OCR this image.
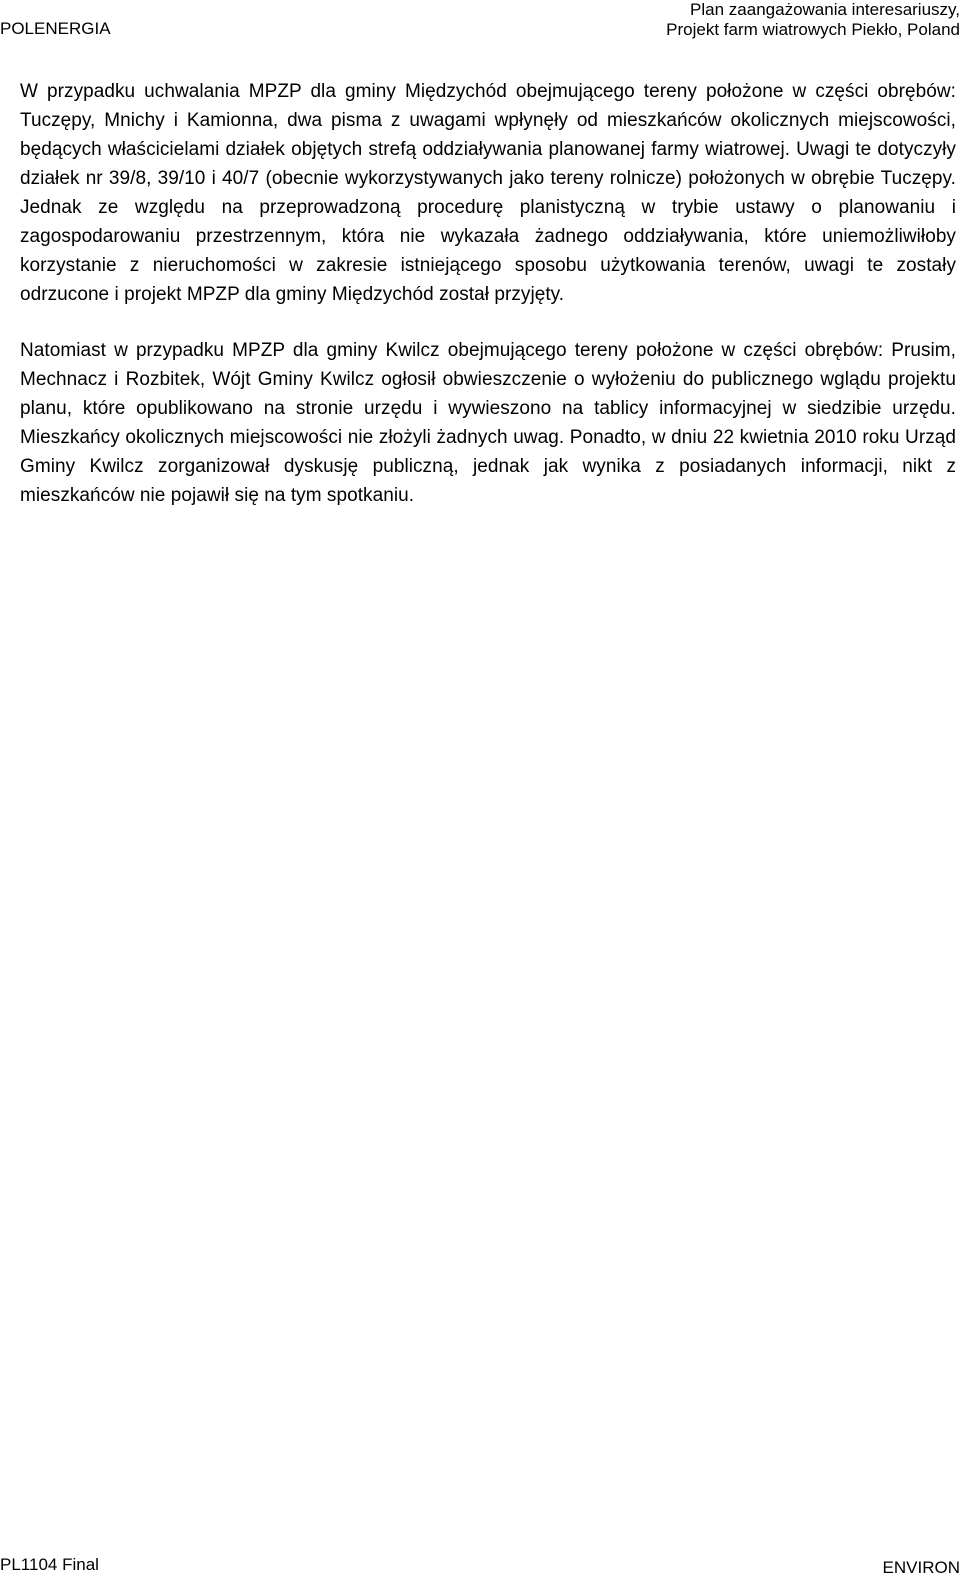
POLENERGIA
Plan zaangażowania interesariuszy,
Projekt farm wiatrowych Piekło, Poland

W przypadku uchwalania MPZP dla gminy Międzychód obejmującego tereny położone w części obrębów: Tuczępy, Mnichy i Kamionna, dwa pisma z uwagami wpłynęły od mieszkańców okolicznych miejscowości, będących właścicielami działek objętych strefą oddziaływania planowanej farmy wiatrowej. Uwagi te dotyczyły działek nr 39/8, 39/10 i 40/7 (obecnie wykorzystywanych jako tereny rolnicze) położonych w obrębie Tuczępy. Jednak ze względu na przeprowadzoną procedurę planistyczną w trybie ustawy o planowaniu i zagospodarowaniu przestrzennym, która nie wykazała żadnego oddziaływania, które uniemożliwiłoby korzystanie z nieruchomości w zakresie istniejącego sposobu użytkowania terenów, uwagi te zostały odrzucone i projekt MPZP dla gminy Międzychód został przyjęty.

Natomiast w przypadku MPZP dla gminy Kwilcz obejmującego tereny położone w części obrębów: Prusim, Mechnacz i Rozbitek, Wójt Gminy Kwilcz ogłosił obwieszczenie o wyłożeniu do publicznego wglądu projektu planu, które opublikowano na stronie urzędu i wywieszono na tablicy informacyjnej w siedzibie urzędu. Mieszkańcy okolicznych miejscowości nie złożyli żadnych uwag. Ponadto, w dniu 22 kwietnia 2010 roku Urząd Gminy Kwilcz zorganizował dyskusję publiczną, jednak jak wynika z posiadanych informacji, nikt z mieszkańców nie pojawił się na tym spotkaniu.

PL1104 Final	ENVIRON
